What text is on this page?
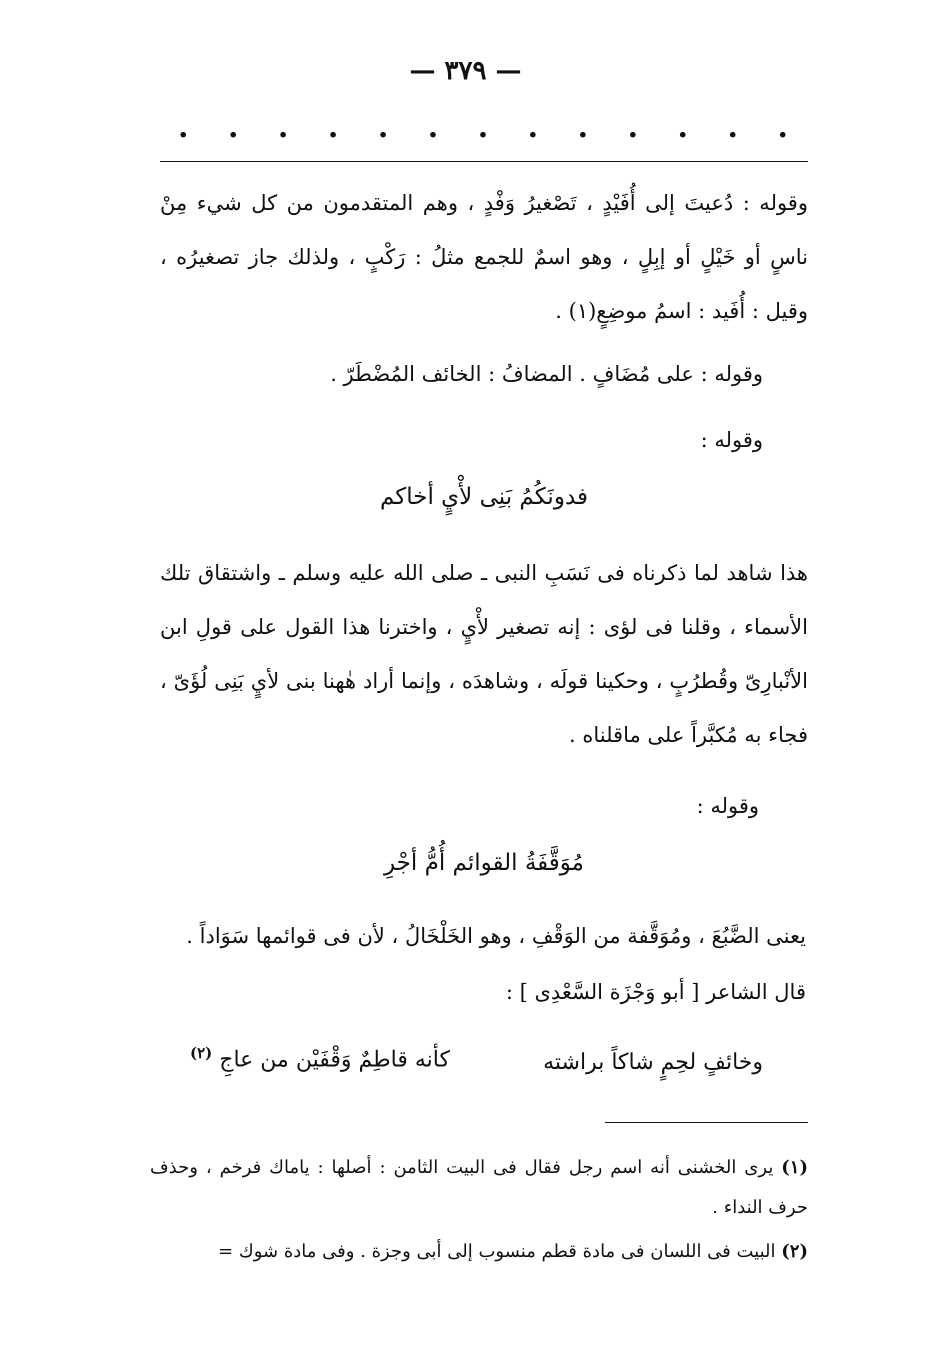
— ٣٧٩ —
. . . . . . . . . . . . .
وقوله : دُعيتَ إلى أُفَيْدٍ ، تَصْغيرُ وَفْدٍ ، وهم المتقدمون من كل شيء مِنْ ناسٍ أو خَيْلٍ أو إبِلٍ ، وهو اسمٌ للجمع مثلُ : رَكْبٍ ، ولذلك جاز تصغيرُه ، وقيل : أُفَيد : اسمُ موضِعٍ(١) .
وقوله : على مُضَافٍ . المضافُ : الخائف المُضْطَرّ .
وقوله :
فدونَكُمُ بَنِى لأْيٍ أخاكم
هذا شاهد لما ذكرناه فى نَسَبِ النبى ـ صلى الله عليه وسلم ـ واشتقاق تلك الأسماء ، وقلنا فى لؤى : إنه تصغير لأْيٍ ، واخترنا هذا القول على قولِ ابن الأنْبارِىّ وقُطرُبٍ ، وحكينا قولَه ، وشاهدَه ، وإنما أراد هٰهنا بنى لأيٍ بَنِى لُؤَىّ ، فجاء به مُكبَّراً على ماقلناه .
وقوله :
مُوَقَّفَةُ القوائم أُمُّ أجْرِ
يعنى الضَّبُعَ ، ومُوَقَّفة من الوَقْفِ ، وهو الخَلْخَالُ ، لأن فى قوائمها سَوَاداً .
قال الشاعر [ أبو وَجْزَة السَّعْدِى ] :
وخائفٍ لحِمٍ شاكاً براشته
كأنه قاطِمٌ وَقْفَيْن من عاجِ $^{(٢)}$
(١) يرى الخشنى أنه اسم رجل فقال فى البيت الثامن : أصلها : ياماك فرخم ، وحذف حرف النداء .
(٢) البيت فى اللسان فى مادة قطم منسوب إلى أبى وجزة . وفى مادة شوك =
